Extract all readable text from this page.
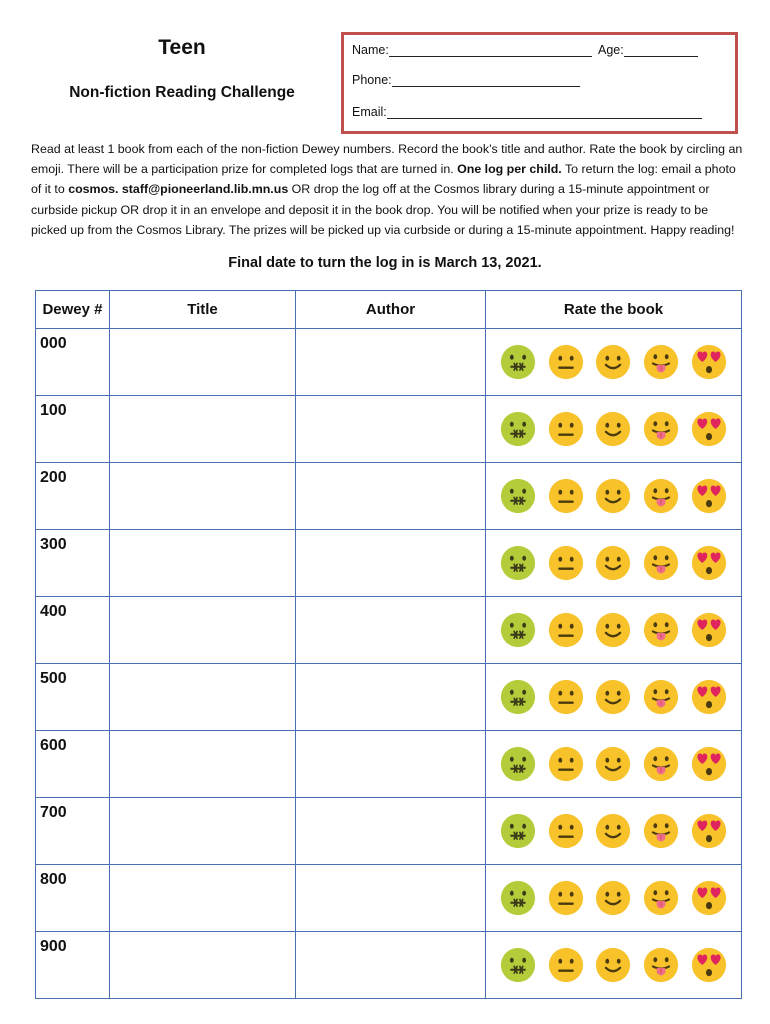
Teen
Non-fiction Reading Challenge
Name:	Age:
Phone:
Email:
Read at least 1 book from each of the non-fiction Dewey numbers. Record the book’s title and author. Rate the book by circling an emoji. There will be a participation prize for completed logs that are turned in. One log per child. To return the log: email a photo of it to cosmos. staff@pioneerland.lib.mn.us OR drop the log off at the Cosmos library during a 15-minute appointment or curbside pickup OR drop it in an envelope and deposit it in the book drop. You will be notified when your prize is ready to be picked up from the Cosmos Library. The prizes will be picked up via curbside or during a 15-minute appointment. Happy reading!
Final date to turn the log in is March 13, 2021.
Dewey #	Title	Author	Rate the book

000

100

200

300

400

500

600

700

800

900
